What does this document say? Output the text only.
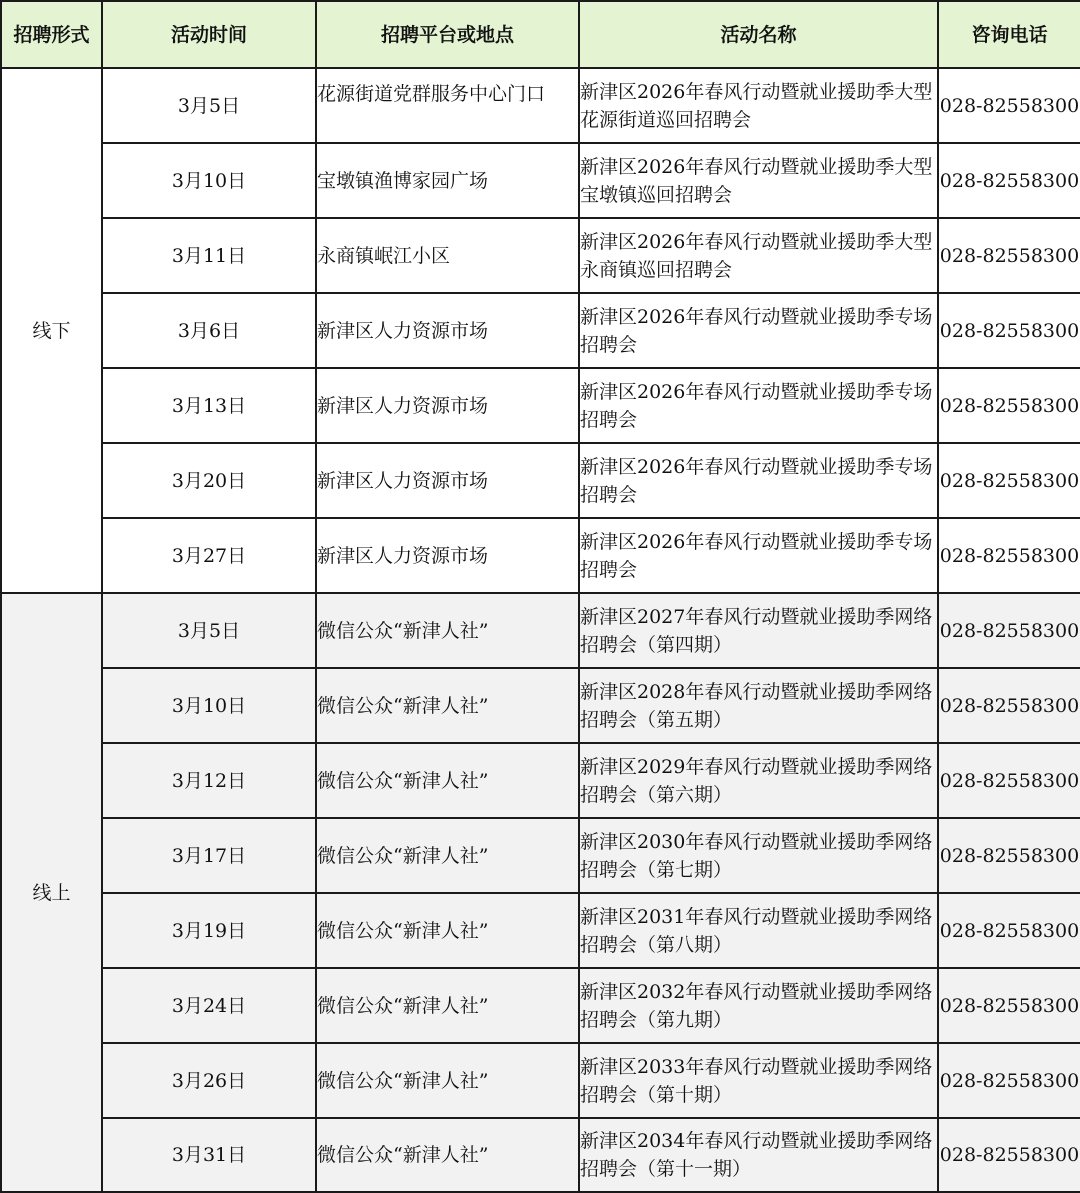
招聘形式	活动时间	招聘平台或地点	活动名称	咨询电话
线下	3月5日	花源街道党群服务中心门口	新津区2026年春风行动暨就业援助季大型花源街道巡回招聘会	028-82558300
	3月10日	宝墩镇渔博家园广场	新津区2026年春风行动暨就业援助季大型宝墩镇巡回招聘会	028-82558300
	3月11日	永商镇岷江小区	新津区2026年春风行动暨就业援助季大型永商镇巡回招聘会	028-82558300
	3月6日	新津区人力资源市场	新津区2026年春风行动暨就业援助季专场招聘会	028-82558300
	3月13日	新津区人力资源市场	新津区2026年春风行动暨就业援助季专场招聘会	028-82558300
	3月20日	新津区人力资源市场	新津区2026年春风行动暨就业援助季专场招聘会	028-82558300
	3月27日	新津区人力资源市场	新津区2026年春风行动暨就业援助季专场招聘会	028-82558300
线上	3月5日	微信公众“新津人社”	新津区2027年春风行动暨就业援助季网络招聘会（第四期）	028-82558300
	3月10日	微信公众“新津人社”	新津区2028年春风行动暨就业援助季网络招聘会（第五期）	028-82558300
	3月12日	微信公众“新津人社”	新津区2029年春风行动暨就业援助季网络招聘会（第六期）	028-82558300
	3月17日	微信公众“新津人社”	新津区2030年春风行动暨就业援助季网络招聘会（第七期）	028-82558300
	3月19日	微信公众“新津人社”	新津区2031年春风行动暨就业援助季网络招聘会（第八期）	028-82558300
	3月24日	微信公众“新津人社”	新津区2032年春风行动暨就业援助季网络招聘会（第九期）	028-82558300
	3月26日	微信公众“新津人社”	新津区2033年春风行动暨就业援助季网络招聘会（第十期）	028-82558300
	3月31日	微信公众“新津人社”	新津区2034年春风行动暨就业援助季网络招聘会（第十一期）	028-82558300
